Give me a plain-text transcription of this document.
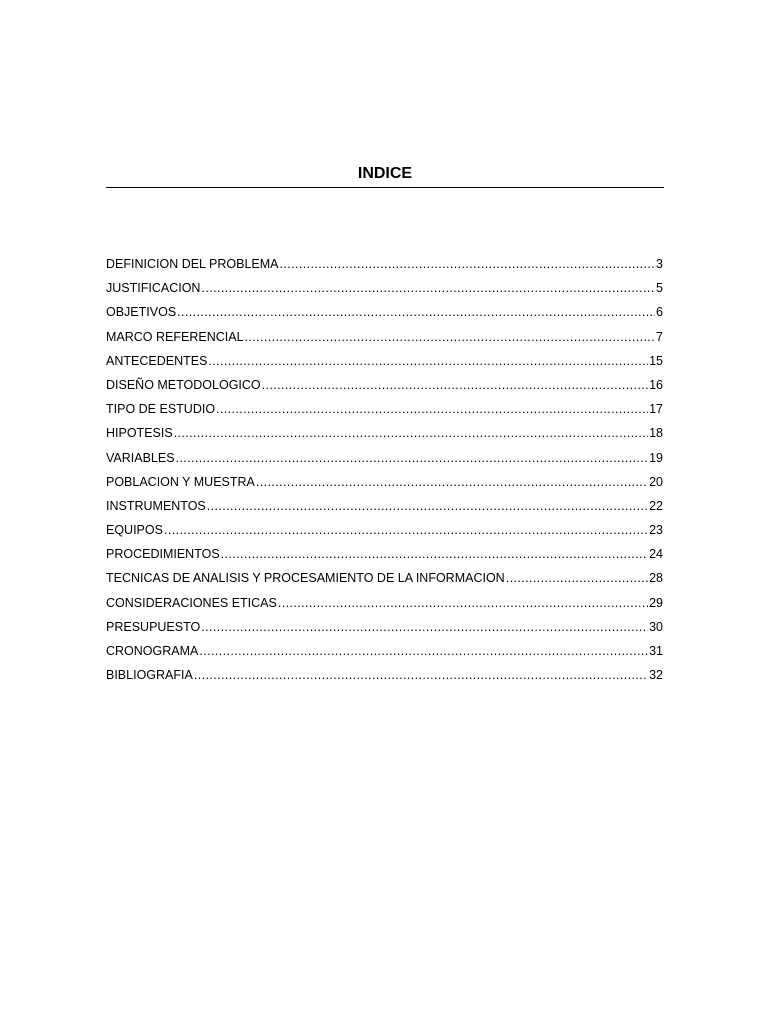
INDICE
DEFINICION DEL PROBLEMA .....	3
JUSTIFICACION .....	5
OBJETIVOS .....	6
MARCO REFERENCIAL .....	7
ANTECEDENTES .....	15
DISEÑO METODOLOGICO .....	16
TIPO DE ESTUDIO .....	17
HIPOTESIS .....	18
VARIABLES .....	19
POBLACION Y MUESTRA .....	20
INSTRUMENTOS .....	22
EQUIPOS .....	23
PROCEDIMIENTOS .....	24
TECNICAS DE ANALISIS Y PROCESAMIENTO DE LA INFORMACION .....	28
CONSIDERACIONES ETICAS .....	29
PRESUPUESTO .....	30
CRONOGRAMA .....	31
BIBLIOGRAFIA .....	32
